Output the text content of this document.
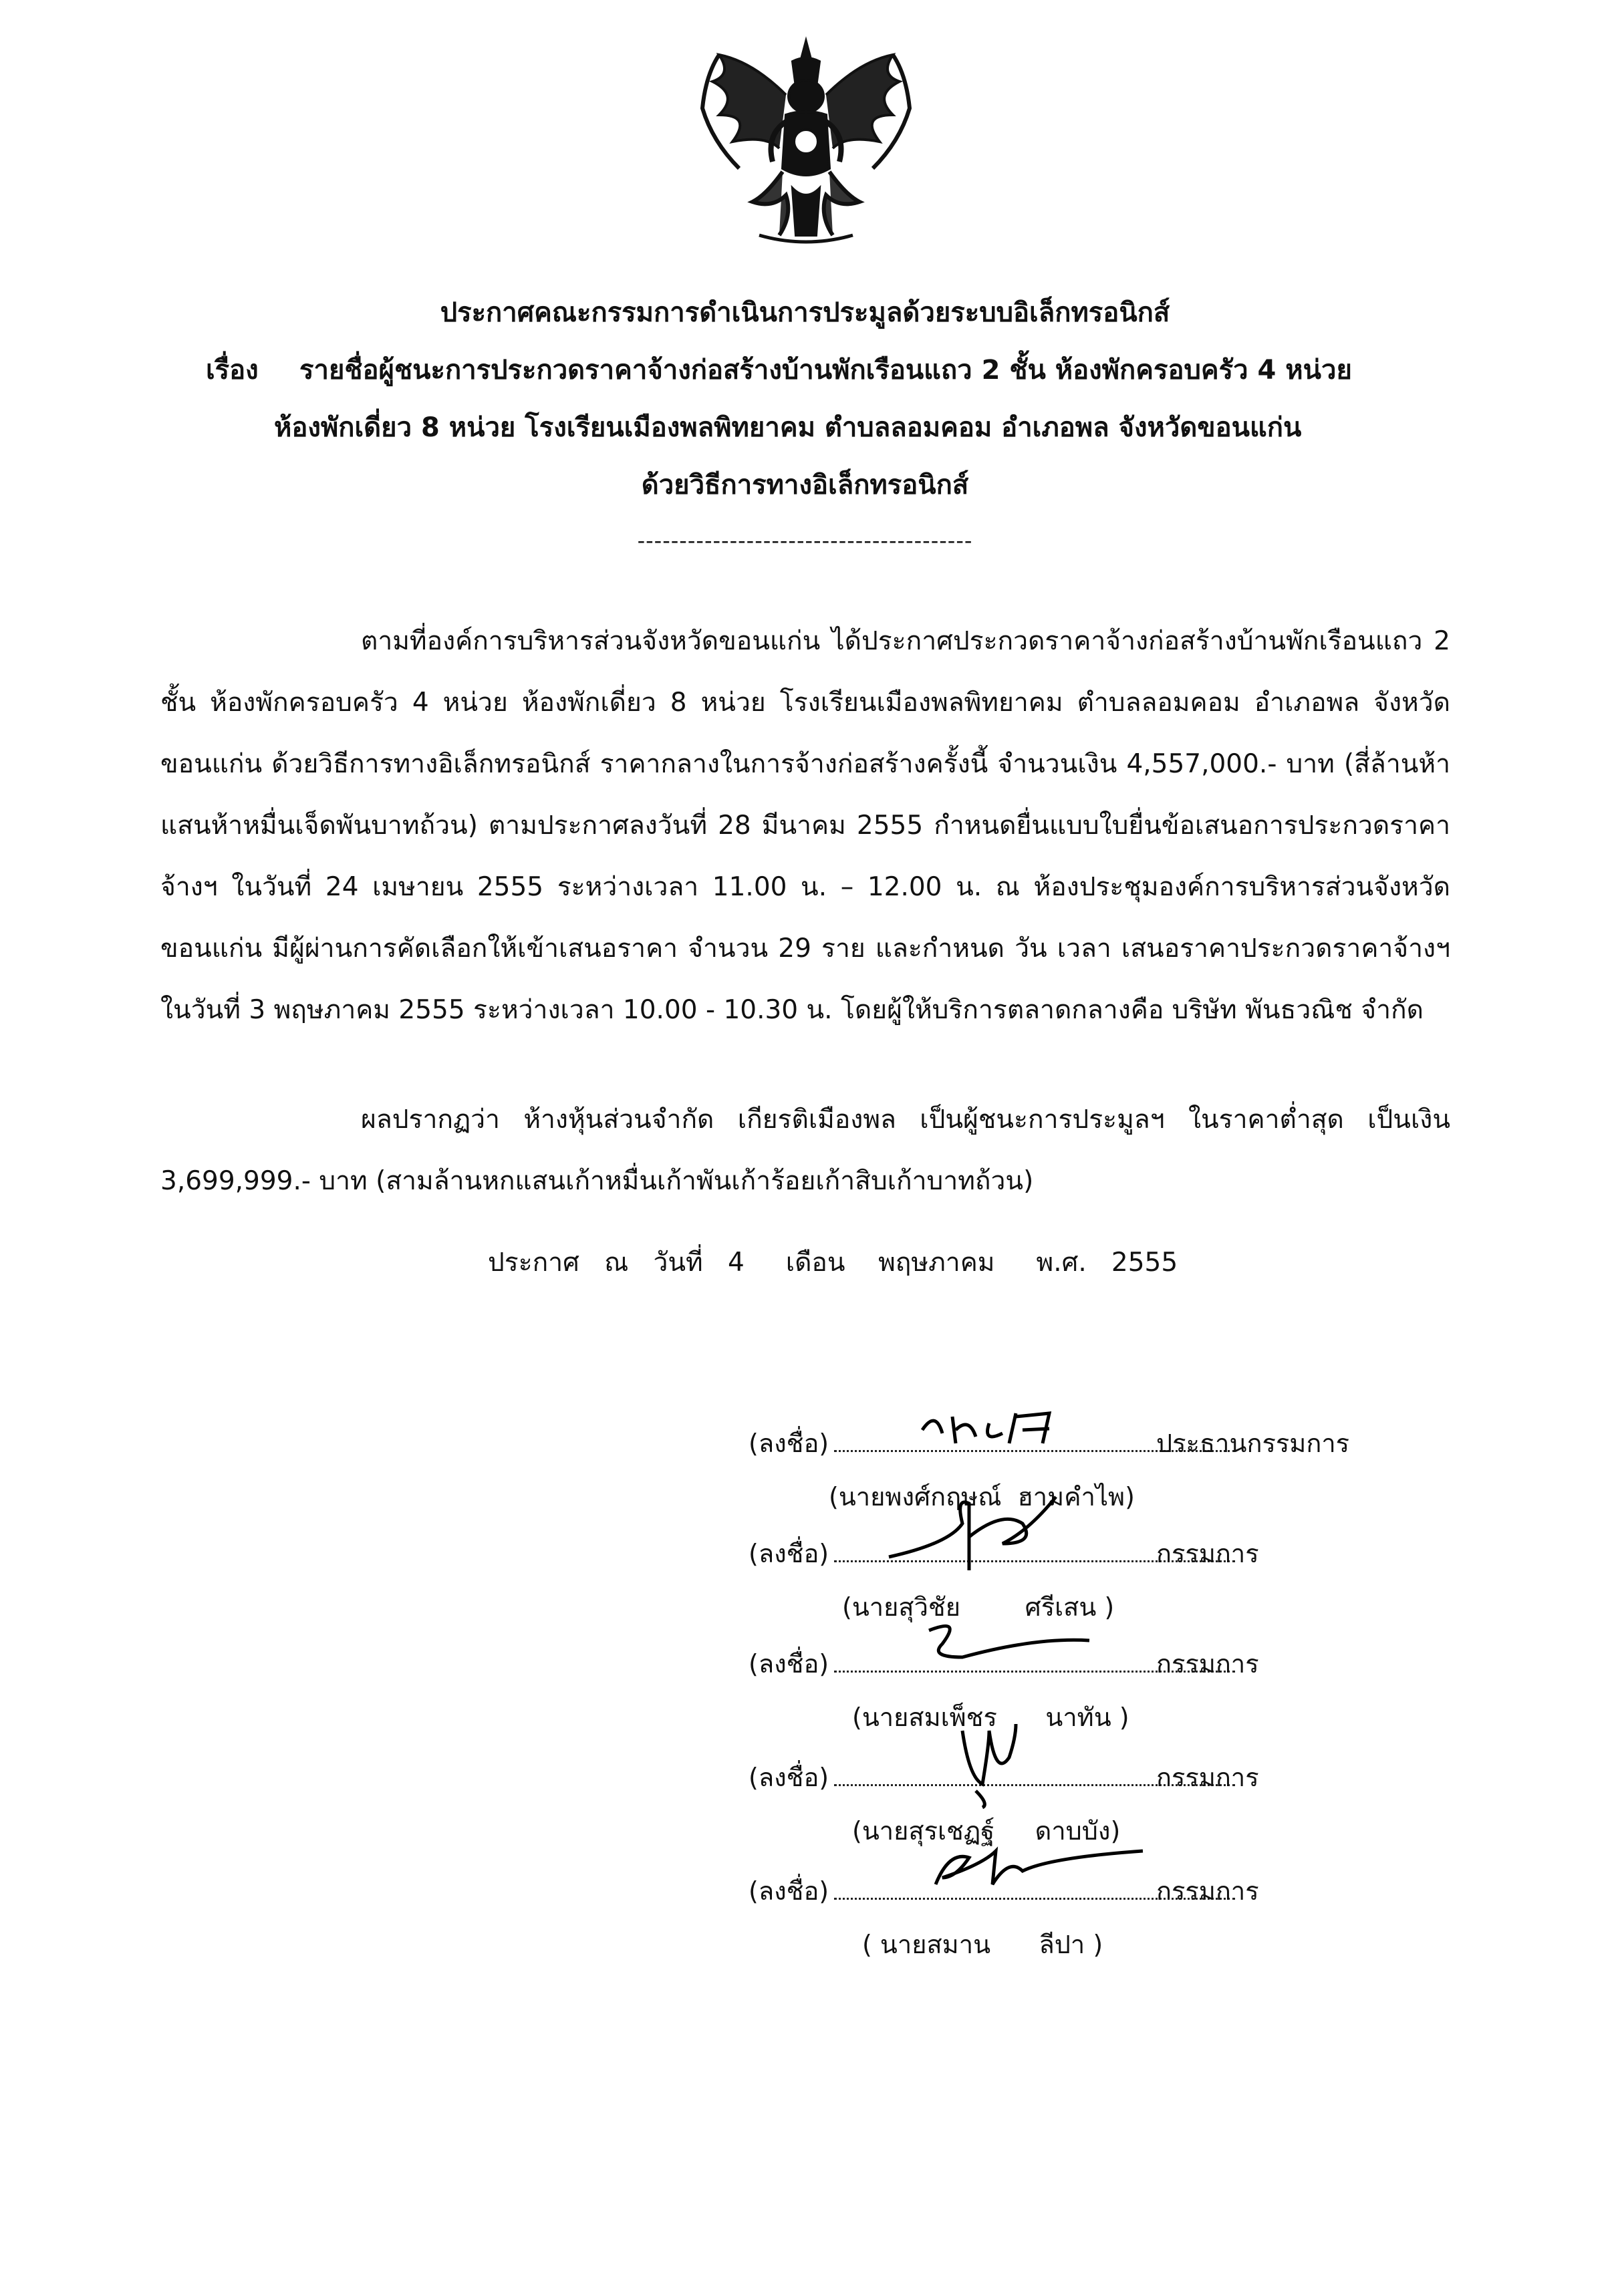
ประกาศคณะกรรมการดำเนินการประมูลด้วยระบบอิเล็กทรอนิกส์
เรื่อง รายชื่อผู้ชนะการประกวดราคาจ้างก่อสร้างบ้านพักเรือนแถว 2 ชั้น ห้องพักครอบครัว 4 หน่วย
ห้องพักเดี่ยว 8 หน่วย โรงเรียนเมืองพลพิทยาคม ตำบลลอมคอม อำเภอพล จังหวัดขอนแก่น
ด้วยวิธีการทางอิเล็กทรอนิกส์
----------------------------------------
ตามที่องค์การบริหารส่วนจังหวัดขอนแก่น ได้ประกาศประกวดราคาจ้างก่อสร้างบ้านพักเรือนแถว 2 ชั้น ห้องพักครอบครัว 4 หน่วย ห้องพักเดี่ยว 8 หน่วย โรงเรียนเมืองพลพิทยาคม ตำบลลอมคอม อำเภอพล จังหวัดขอนแก่น ด้วยวิธีการทางอิเล็กทรอนิกส์ ราคากลางในการจ้างก่อสร้างครั้งนี้ จำนวนเงิน 4,557,000.- บาท (สี่ล้านห้าแสนห้าหมื่นเจ็ดพันบาทถ้วน) ตามประกาศลงวันที่ 28 มีนาคม 2555 กำหนดยื่นแบบใบยื่นข้อเสนอการประกวดราคาจ้างฯ ในวันที่ 24 เมษายน 2555 ระหว่างเวลา 11.00 น. – 12.00 น. ณ ห้องประชุมองค์การบริหารส่วนจังหวัดขอนแก่น มีผู้ผ่านการคัดเลือกให้เข้าเสนอราคา จำนวน 29 ราย และกำหนด วัน เวลา เสนอราคาประกวดราคาจ้างฯ ในวันที่ 3 พฤษภาคม 2555 ระหว่างเวลา 10.00 - 10.30 น. โดยผู้ให้บริการตลาดกลางคือ บริษัท พันธวณิช จำกัด
ผลปรากฏว่า ห้างหุ้นส่วนจำกัด เกียรติเมืองพล เป็นผู้ชนะการประมูลฯ ในราคาต่ำสุด เป็นเงิน 3,699,999.- บาท (สามล้านหกแสนเก้าหมื่นเก้าพันเก้าร้อยเก้าสิบเก้าบาทถ้วน)
ประกาศ   ณ   วันที่   4     เดือน    พฤษภาคม     พ.ศ.   2555
(ลงชื่อ)	ประธานกรรมการ
Ab.ศล
(นายพงศ์กฤษณ์  ฮามคำไพ)
(ลงชื่อ)	กรรมการ
(นายสุวิชัย        ศรีเสน )
(ลงชื่อ)	กรรมการ
(นายสมเพ็ชร      นาทัน )
(ลงชื่อ)	กรรมการ
(นายสุรเชฏฐ์     ดาบบัง)
(ลงชื่อ)	กรรมการ
( นายสมาน      ลีปา )
